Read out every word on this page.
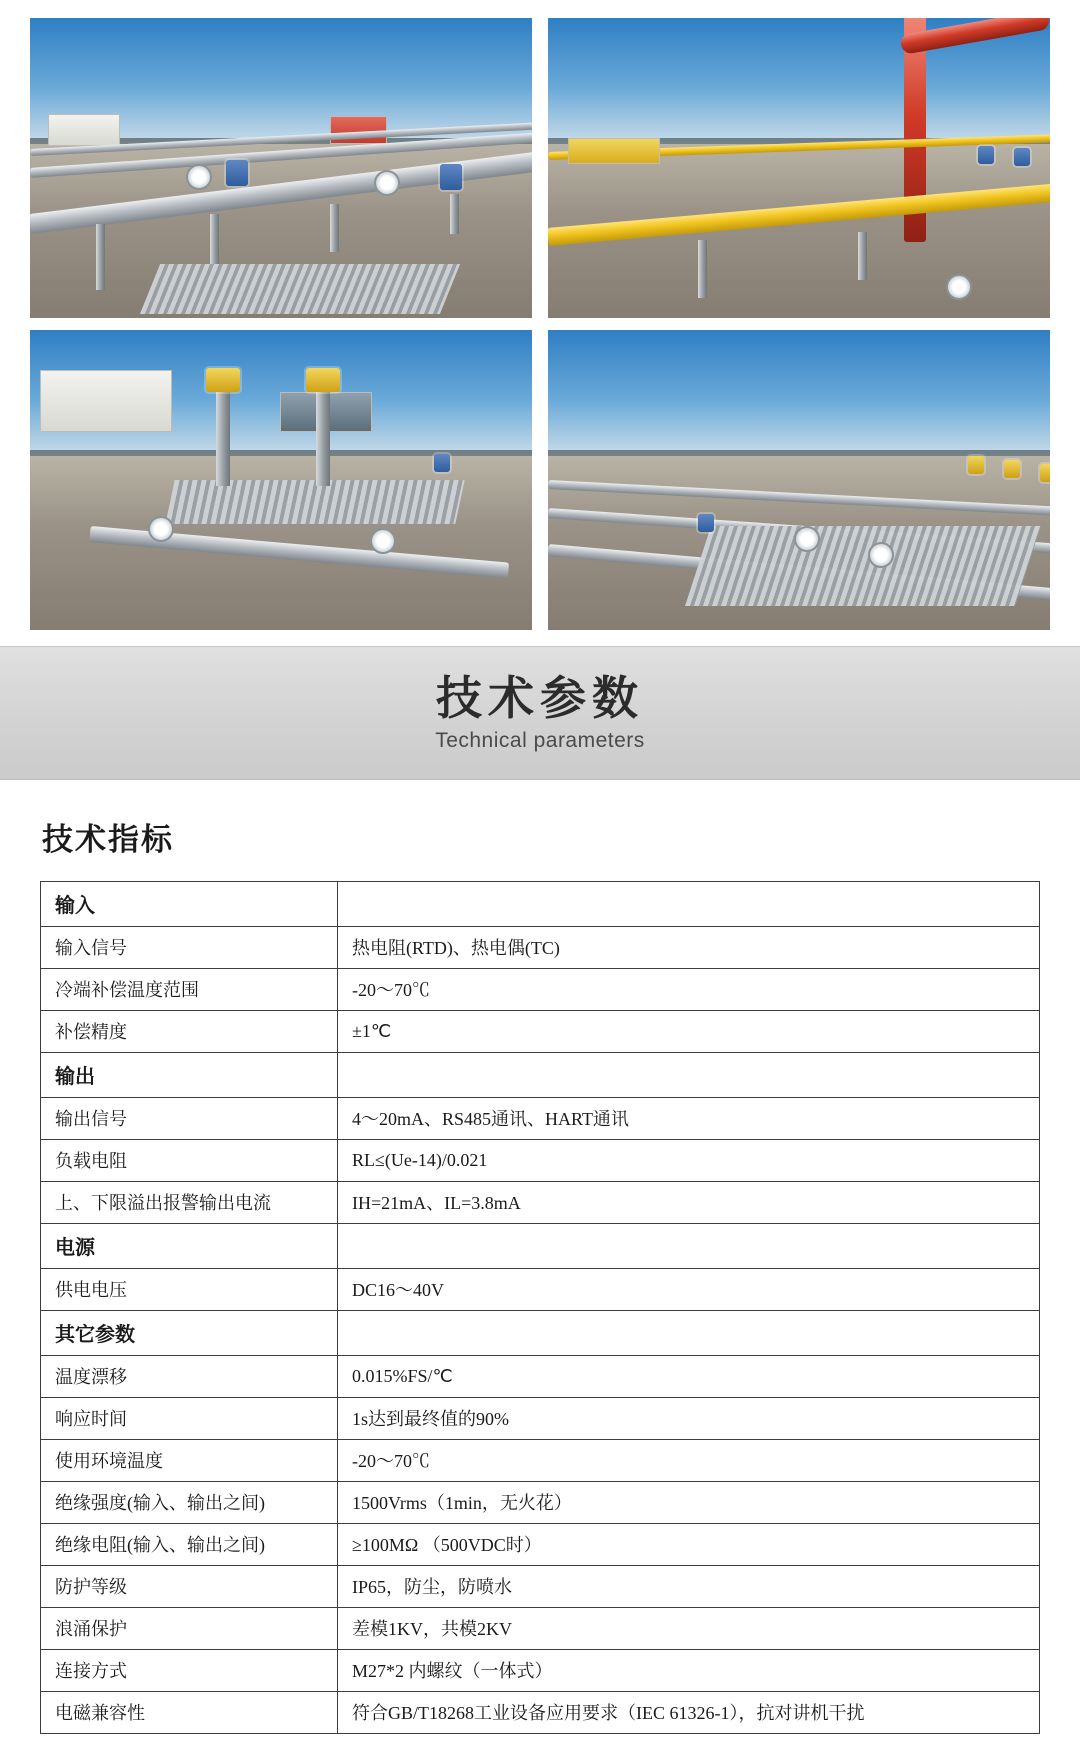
技术参数
Technical parameters
技术指标
输入	
输入信号	热电阻(RTD)、热电偶(TC)
冷端补偿温度范围	-20～70℃
补偿精度	±1℃
输出	
输出信号	4～20mA、RS485通讯、HART通讯
负载电阻	RL≤(Ue-14)/0.021
上、下限溢出报警输出电流	IH=21mA、IL=3.8mA
电源	
供电电压	DC16～40V
其它参数	
温度漂移	0.015%FS/℃
响应时间	1s达到最终值的90%
使用环境温度	-20～70℃
绝缘强度(输入、输出之间)	1500Vrms（1min，无火花）
绝缘电阻(输入、输出之间)	≥100MΩ （500VDC时）
防护等级	IP65，防尘，防喷水
浪涌保护	差模1KV，共模2KV
连接方式	M27*2 内螺纹（一体式）
电磁兼容性	符合GB/T18268工业设备应用要求（IEC 61326-1），抗对讲机干扰
